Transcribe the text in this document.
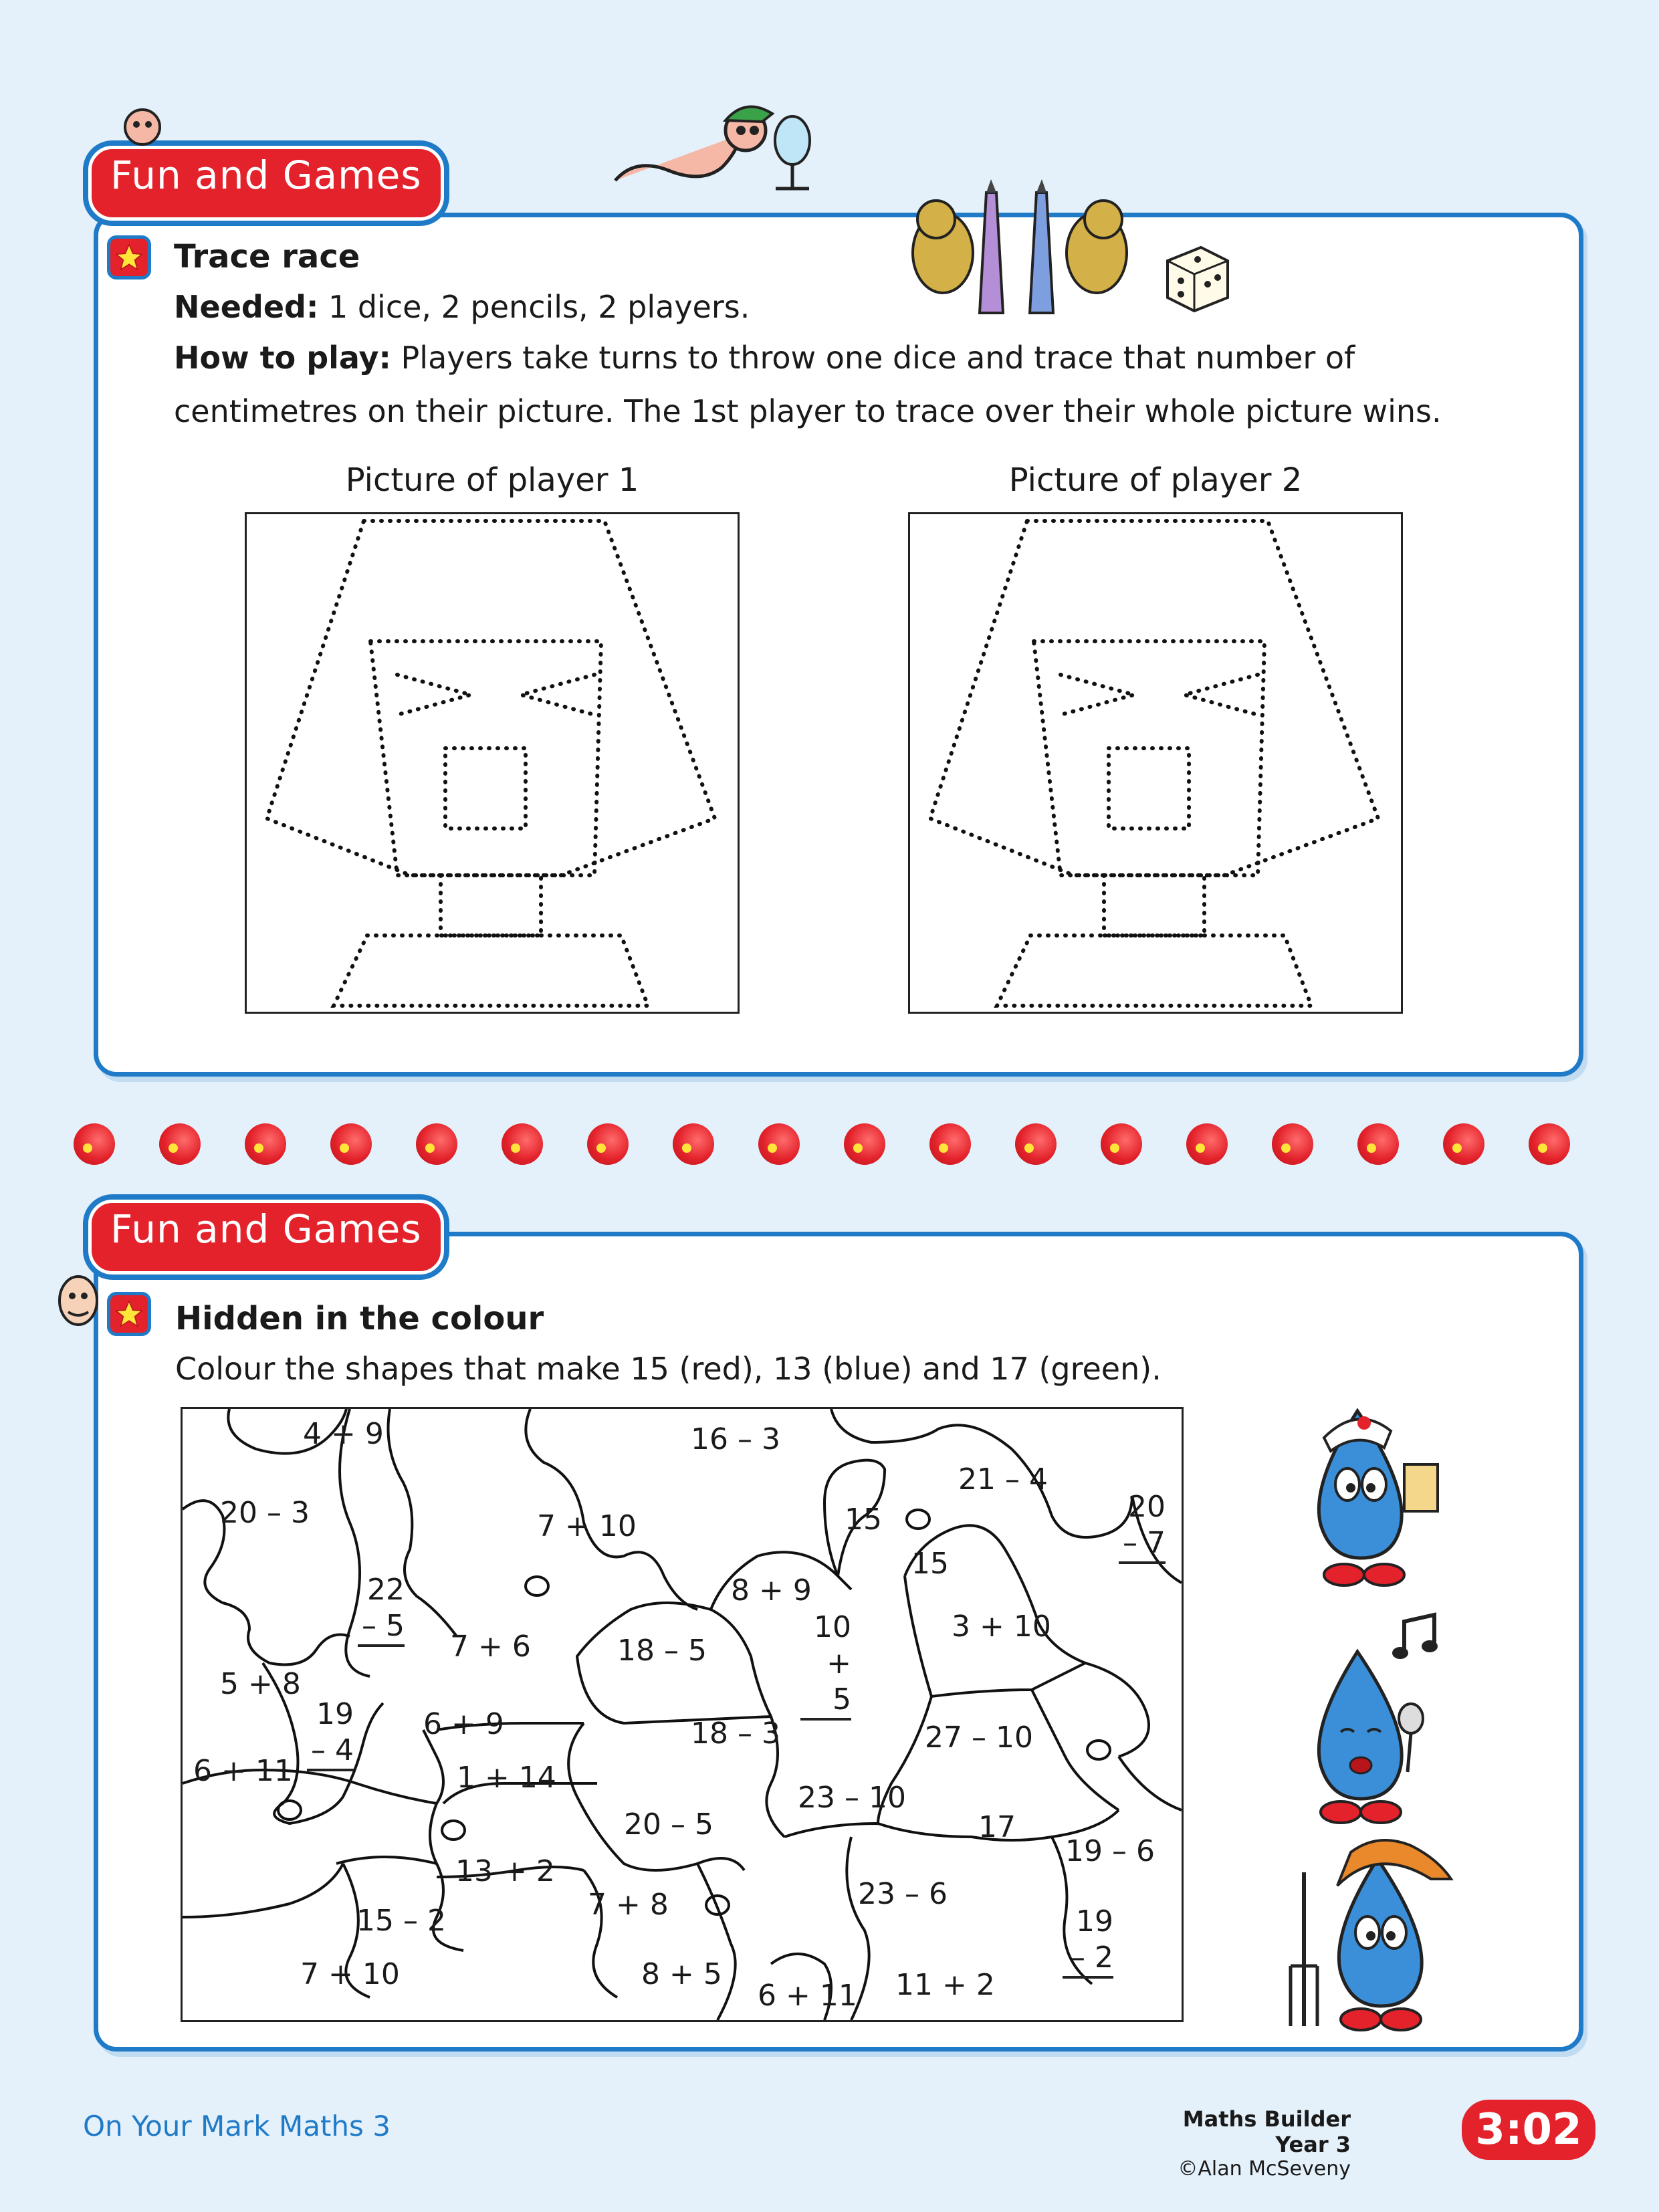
Fun and Games
Trace race
Needed: 1 dice, 2 pencils, 2 players.
How to play: Players take turns to throw one dice and trace that number of
centimetres on their picture. The 1st player to trace over their whole picture wins.
Picture of player 1	Picture of player 2
Fun and Games
Hidden in the colour
Colour the shapes that make 15 (red), 13 (blue) and 17 (green).
4 + 9	16 – 3
21 – 4
20 – 3	7 + 10	15
15
8 + 9
7 + 6	18 – 5
3 + 10
5 + 8
18 – 3
6 + 9	27 – 10
6 + 11	1 + 14
23 – 10
20 – 5	17
19 – 6
13 + 2
23 – 6
15 – 2	7 + 8
7 + 10	8 + 5
6 + 11 11 + 2
20
– 7
22
– 5	10
+ 5
19
– 4
19
– 2
On Your Mark Maths 3	Maths Builder Year 3
©Alan McSeveny
3:02
